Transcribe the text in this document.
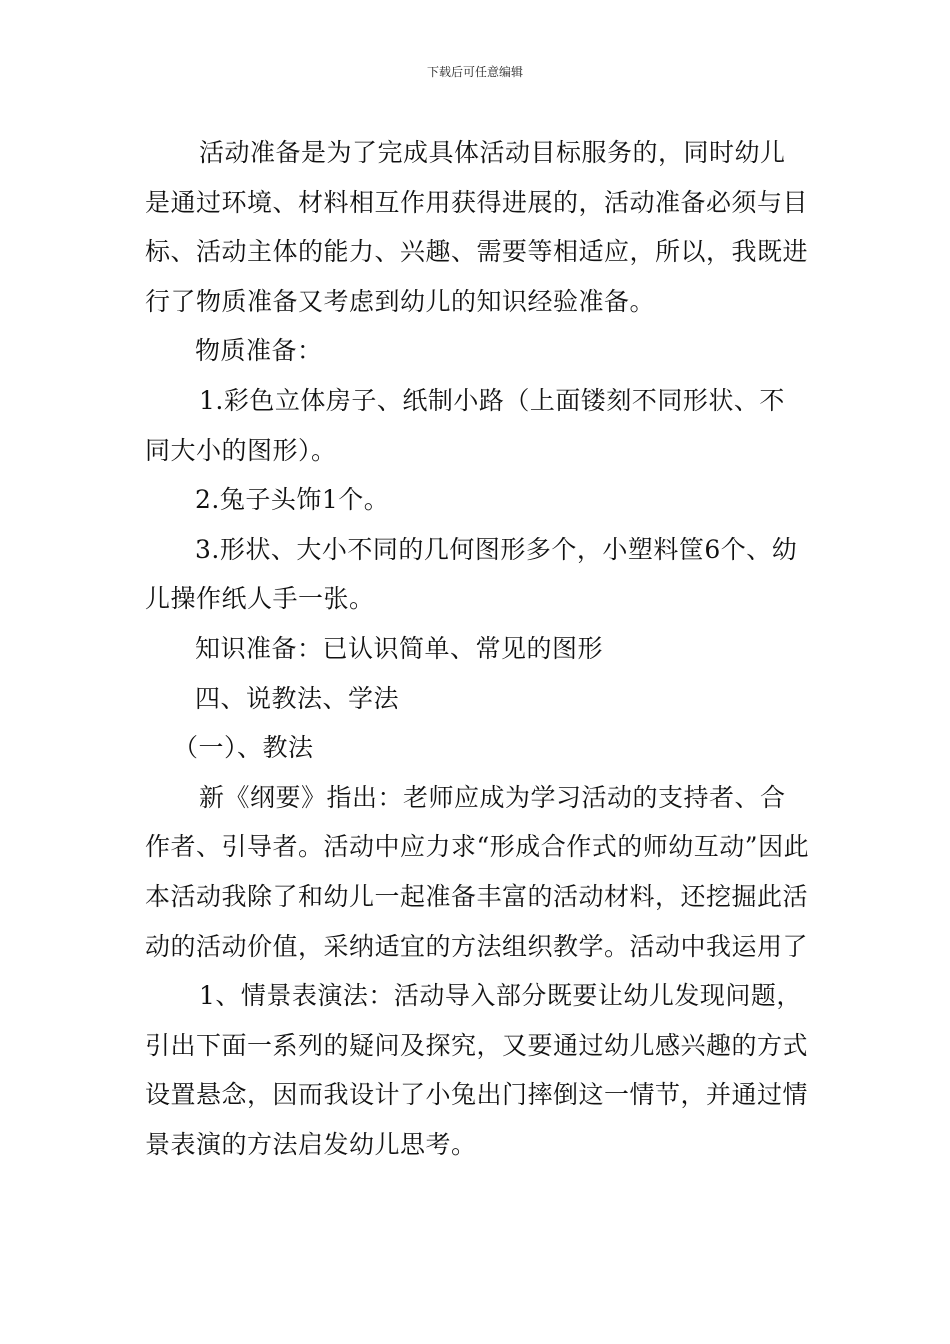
下载后可任意编辑

活动准备是为了完成具体活动目标服务的，同时幼儿是通过环境、材料相互作用获得进展的，活动准备必须与目标、活动主体的能力、兴趣、需要等相适应，所以，我既进行了物质准备又考虑到幼儿的知识经验准备。

物质准备：

1.彩色立体房子、纸制小路（上面镂刻不同形状、不同大小的图形）。

2.兔子头饰1个。

3.形状、大小不同的几何图形多个，小塑料筐6个、幼儿操作纸人手一张。

知识准备：已认识简单、常见的图形

四、说教法、学法

（一）、教法

新《纲要》指出：老师应成为学习活动的支持者、合作者、引导者。活动中应力求“形成合作式的师幼互动”因此本活动我除了和幼儿一起准备丰富的活动材料，还挖掘此活动的活动价值，采纳适宜的方法组织教学。活动中我运用了

1、情景表演法：活动导入部分既要让幼儿发现问题，引出下面一系列的疑问及探究，又要通过幼儿感兴趣的方式设置悬念，因而我设计了小兔出门摔倒这一情节，并通过情景表演的方法启发幼儿思考。
